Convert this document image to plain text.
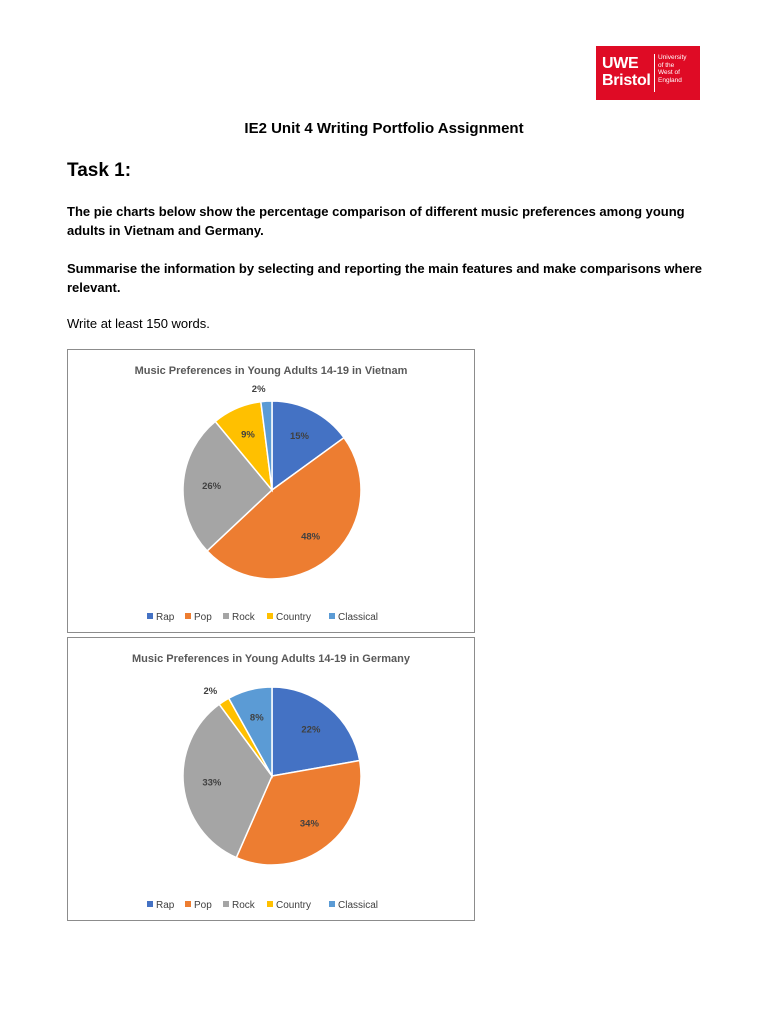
UWE
Bristol
University
of the
West of
England
IE2 Unit 4 Writing Portfolio Assignment
Task 1:
The pie charts below show the percentage comparison of different music preferences among young adults in Vietnam and Germany.
Summarise the information by selecting and reporting the main features and make comparisons where relevant.
Write at least 150 words.
Music Preferences in Young Adults 14-19 in Vietnam
15%
48%
26%
9%
2%
Rap Pop Rock Country	Classical
Music Preferences in Young Adults 14-19 in Germany
22%
34%
33%
2%
8%
Rap Pop Rock Country	Classical
